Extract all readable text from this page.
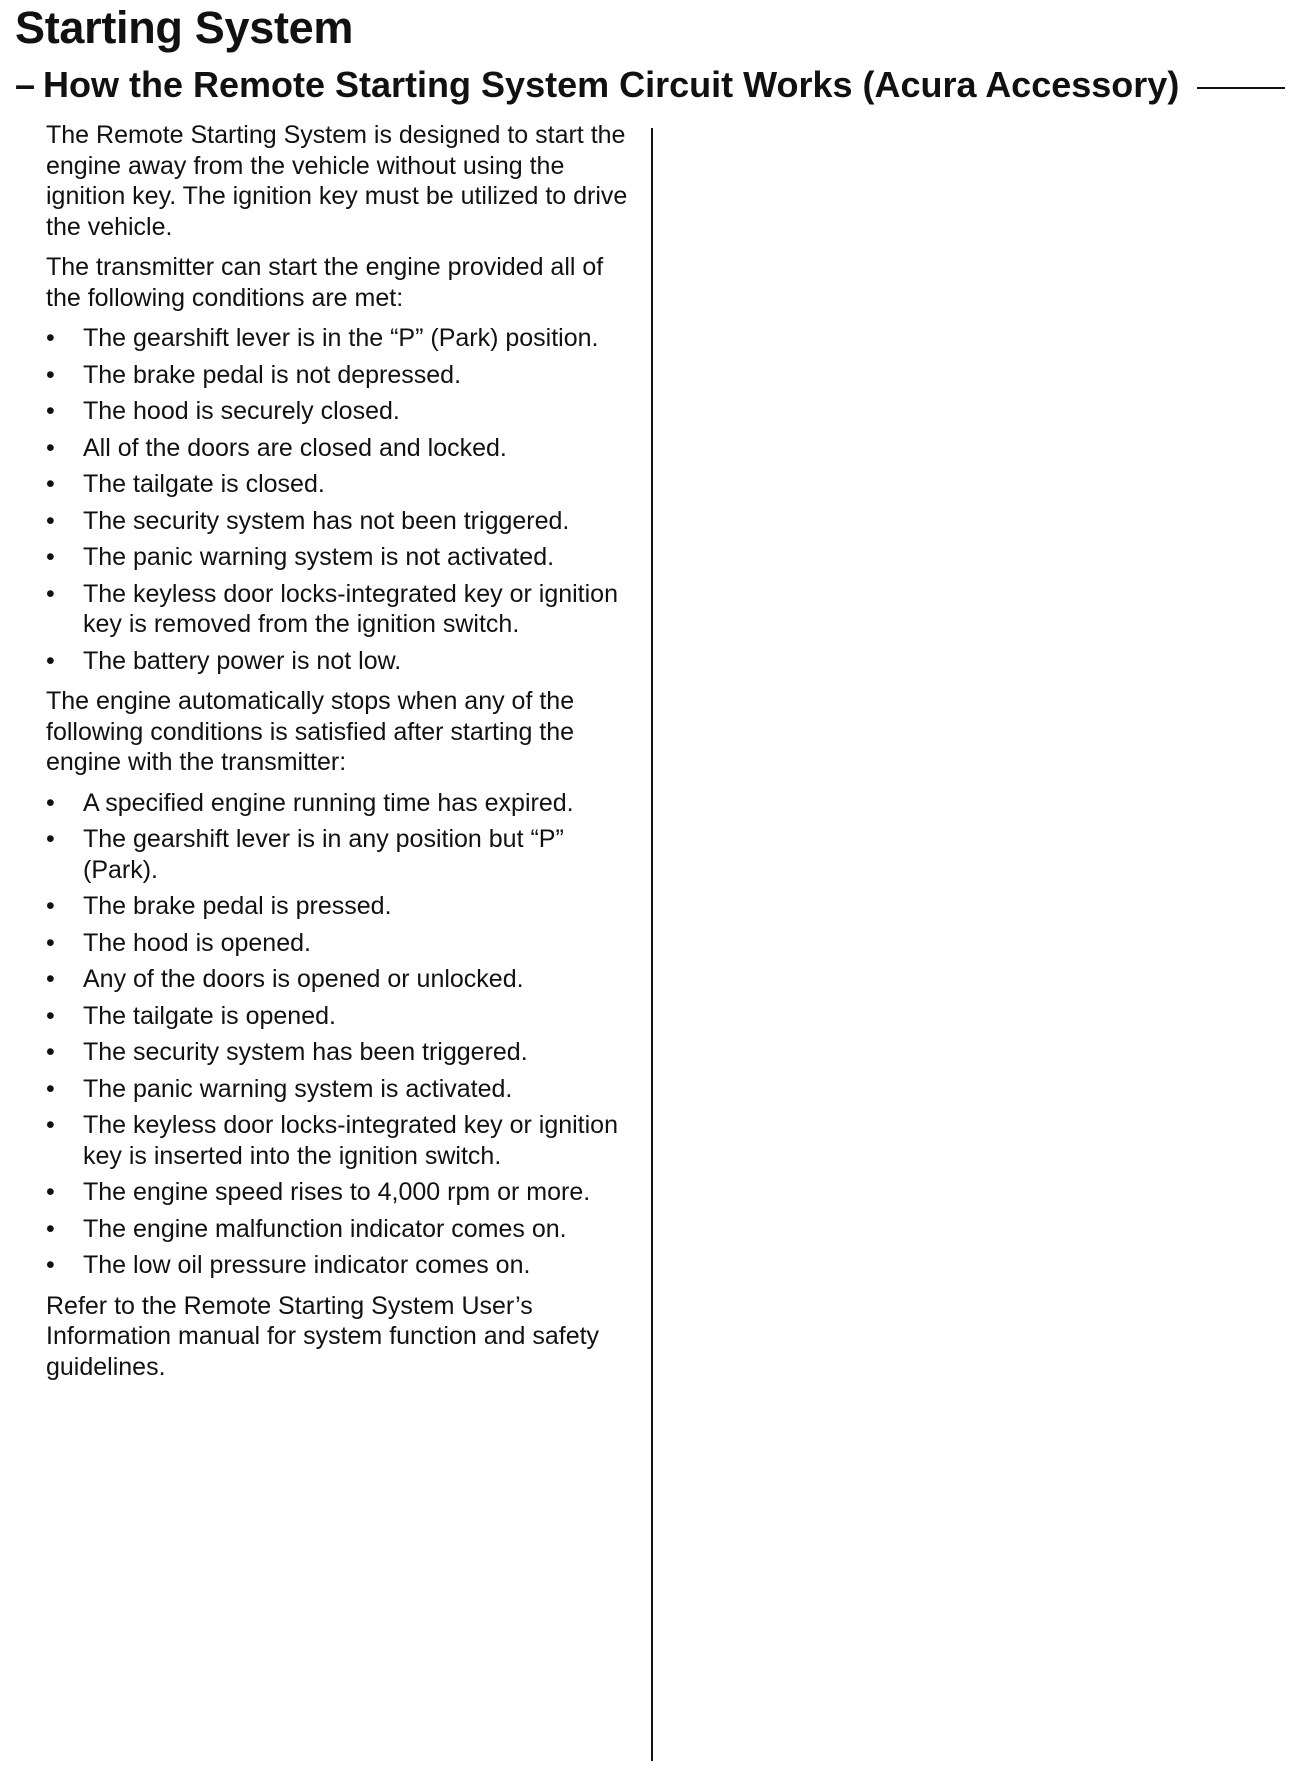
Starting System
– How the Remote Starting System Circuit Works (Acura Accessory)

The Remote Starting System is designed to start the engine away from the vehicle without using the ignition key. The ignition key must be utilized to drive the vehicle.

The transmitter can start the engine provided all of the following conditions are met:

• The gearshift lever is in the “P” (Park) position.
• The brake pedal is not depressed.
• The hood is securely closed.
• All of the doors are closed and locked.
• The tailgate is closed.
• The security system has not been triggered.
• The panic warning system is not activated.
• The keyless door locks-integrated key or ignition key is removed from the ignition switch.
• The battery power is not low.

The engine automatically stops when any of the following conditions is satisfied after starting the engine with the transmitter:

• A specified engine running time has expired.
• The gearshift lever is in any position but “P” (Park).
• The brake pedal is pressed.
• The hood is opened.
• Any of the doors is opened or unlocked.
• The tailgate is opened.
• The security system has been triggered.
• The panic warning system is activated.
• The keyless door locks-integrated key or ignition key is inserted into the ignition switch.
• The engine speed rises to 4,000 rpm or more.
• The engine malfunction indicator comes on.
• The low oil pressure indicator comes on.

Refer to the Remote Starting System User’s Information manual for system function and safety guidelines.
